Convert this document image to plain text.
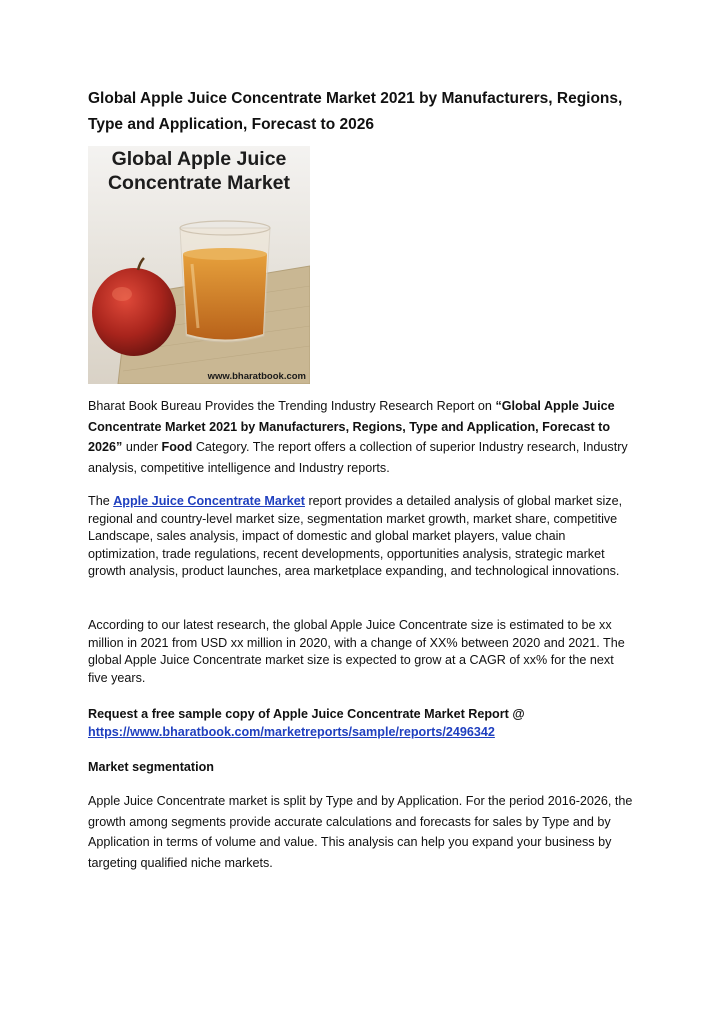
Global Apple Juice Concentrate Market 2021 by Manufacturers, Regions, Type and Application, Forecast to 2026
Global Apple Juice Concentrate Market
www.bharatbook.com
Bharat Book Bureau Provides the Trending Industry Research Report on “Global Apple Juice Concentrate Market 2021 by Manufacturers, Regions, Type and Application, Forecast to 2026” under Food Category. The report offers a collection of superior Industry research, Industry analysis, competitive intelligence and Industry reports.
The Apple Juice Concentrate Market report provides a detailed analysis of global market size, regional and country-level market size, segmentation market growth, market share, competitive Landscape, sales analysis, impact of domestic and global market players, value chain optimization, trade regulations, recent developments, opportunities analysis, strategic market growth analysis, product launches, area marketplace expanding, and technological innovations.
According to our latest research, the global Apple Juice Concentrate size is estimated to be xx million in 2021 from USD xx million in 2020, with a change of XX% between 2020 and 2021. The global Apple Juice Concentrate market size is expected to grow at a CAGR of xx% for the next five years.
Request a free sample copy of Apple Juice Concentrate Market Report @
https://www.bharatbook.com/marketreports/sample/reports/2496342
Market segmentation
Apple Juice Concentrate market is split by Type and by Application. For the period 2016-2026, the growth among segments provide accurate calculations and forecasts for sales by Type and by Application in terms of volume and value. This analysis can help you expand your business by targeting qualified niche markets.
